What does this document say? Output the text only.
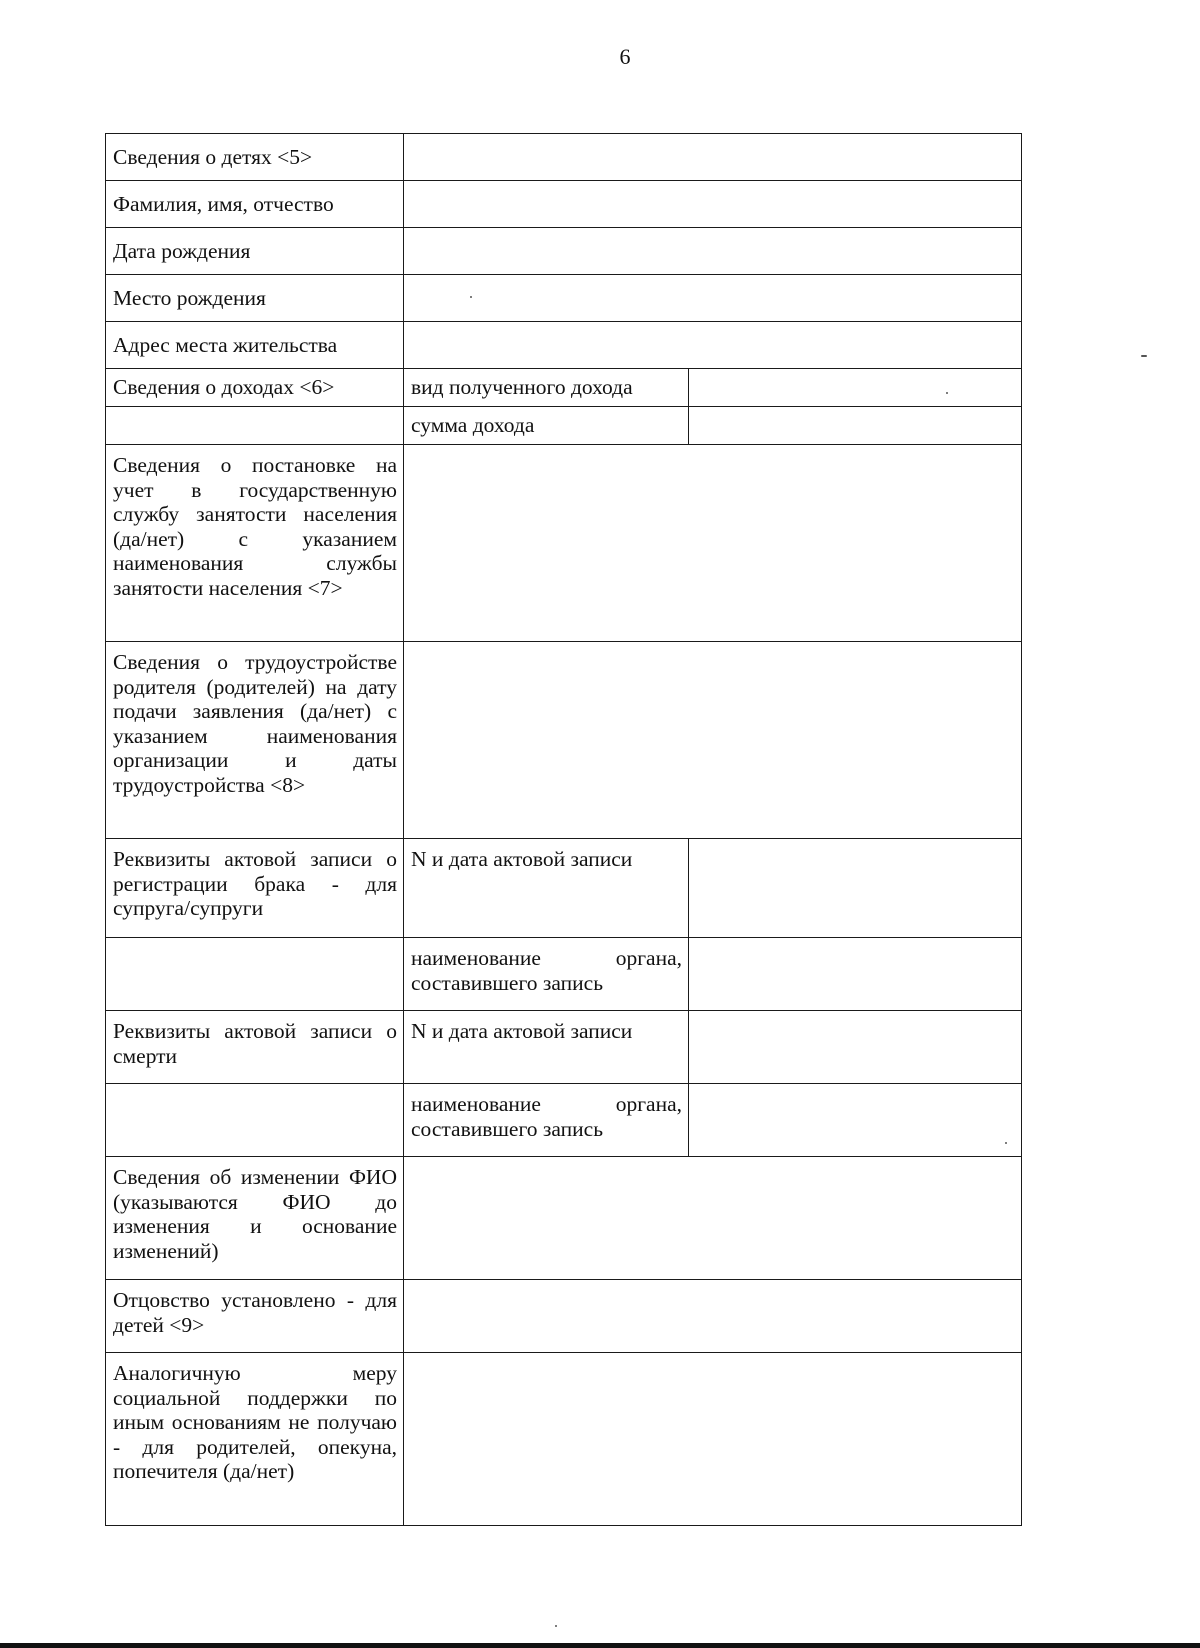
6
Сведения о детях <5>		
Фамилия, имя, отчество		
Дата рождения		
Место рождения		
Адрес места жительства		
Сведения о доходах <6>	вид полученного дохода	
	сумма дохода	
Сведения о постановке на учет в государственную службу занятости населения (да/нет) с указанием наименования службы занятости населения <7>		
Сведения о трудоустройстве родителя (родителей) на дату подачи заявления (да/нет) с указанием наименования организации и даты трудоустройства <8>		
Реквизиты актовой записи о регистрации брака - для супруга/супруги	N и дата актовой записи	
	наименование органа, составившего запись	
Реквизиты актовой записи о смерти	N и дата актовой записи	
	наименование органа, составившего запись	
Сведения об изменении ФИО (указываются ФИО до изменения и основание изменений)		
Отцовство установлено - для детей <9>		
Аналогичную меру социальной поддержки по иным основаниям не получаю - для родителей, опекуна, попечителя (да/нет)		
